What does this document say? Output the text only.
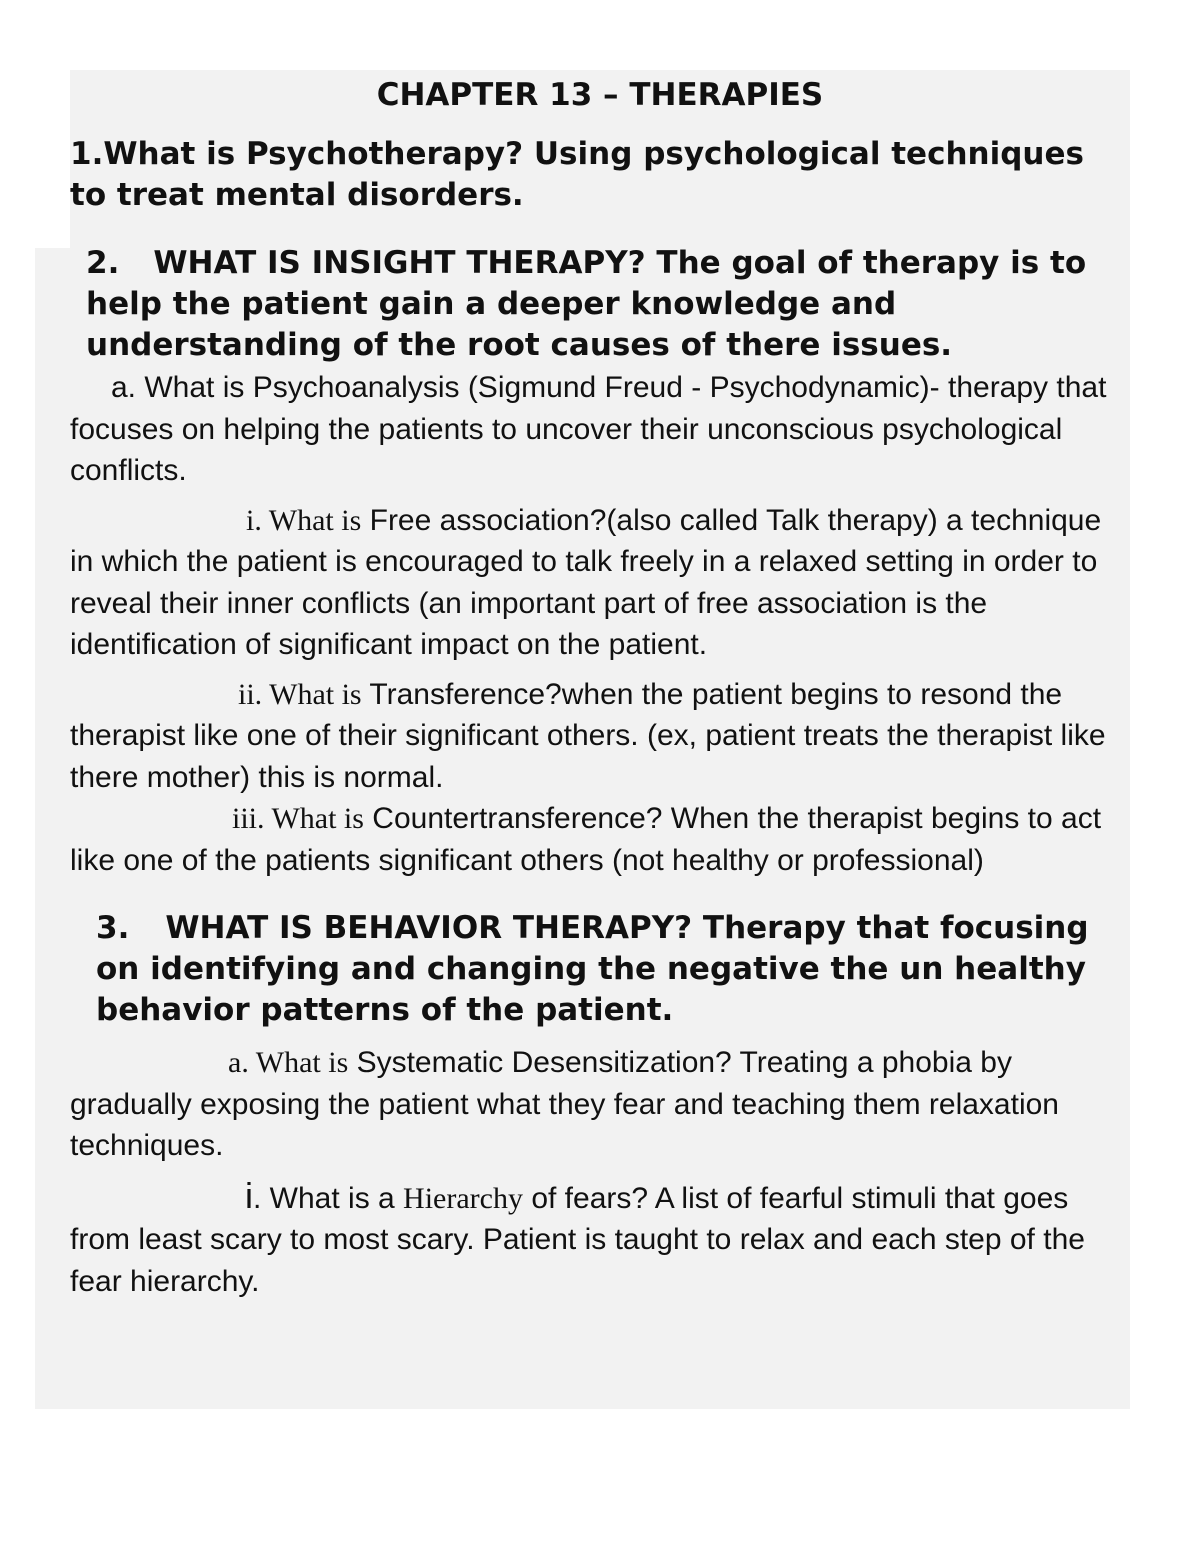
CHAPTER 13 – THERAPIES

1.What is Psychotherapy? Using psychological techniques to treat mental disorders.

2. WHAT IS INSIGHT THERAPY? The goal of therapy is to help the patient gain a deeper knowledge and understanding of the root causes of there issues.

a. What is Psychoanalysis (Sigmund Freud - Psychodynamic)- therapy that focuses on helping the patients to uncover their unconscious psychological conflicts.

i. What is Free association?(also called Talk therapy) a technique in which the patient is encouraged to talk freely in a relaxed setting in order to reveal their inner conflicts (an important part of free association is the identification of significant impact on the patient.

ii. What is Transference?when the patient begins to resond the therapist like one of their significant others. (ex, patient treats the therapist like there mother) this is normal.

iii. What is Countertransference? When the therapist begins to act like one of the patients significant others (not healthy or professional)

3. WHAT IS BEHAVIOR THERAPY? Therapy that focusing on identifying and changing the negative the un healthy behavior patterns of the patient.

a. What is Systematic Desensitization? Treating a phobia by gradually exposing the patient what they fear and teaching them relaxation techniques.

i. What is a Hierarchy of fears? A list of fearful stimuli that goes from least scary to most scary. Patient is taught to relax and each step of the fear hierarchy.
